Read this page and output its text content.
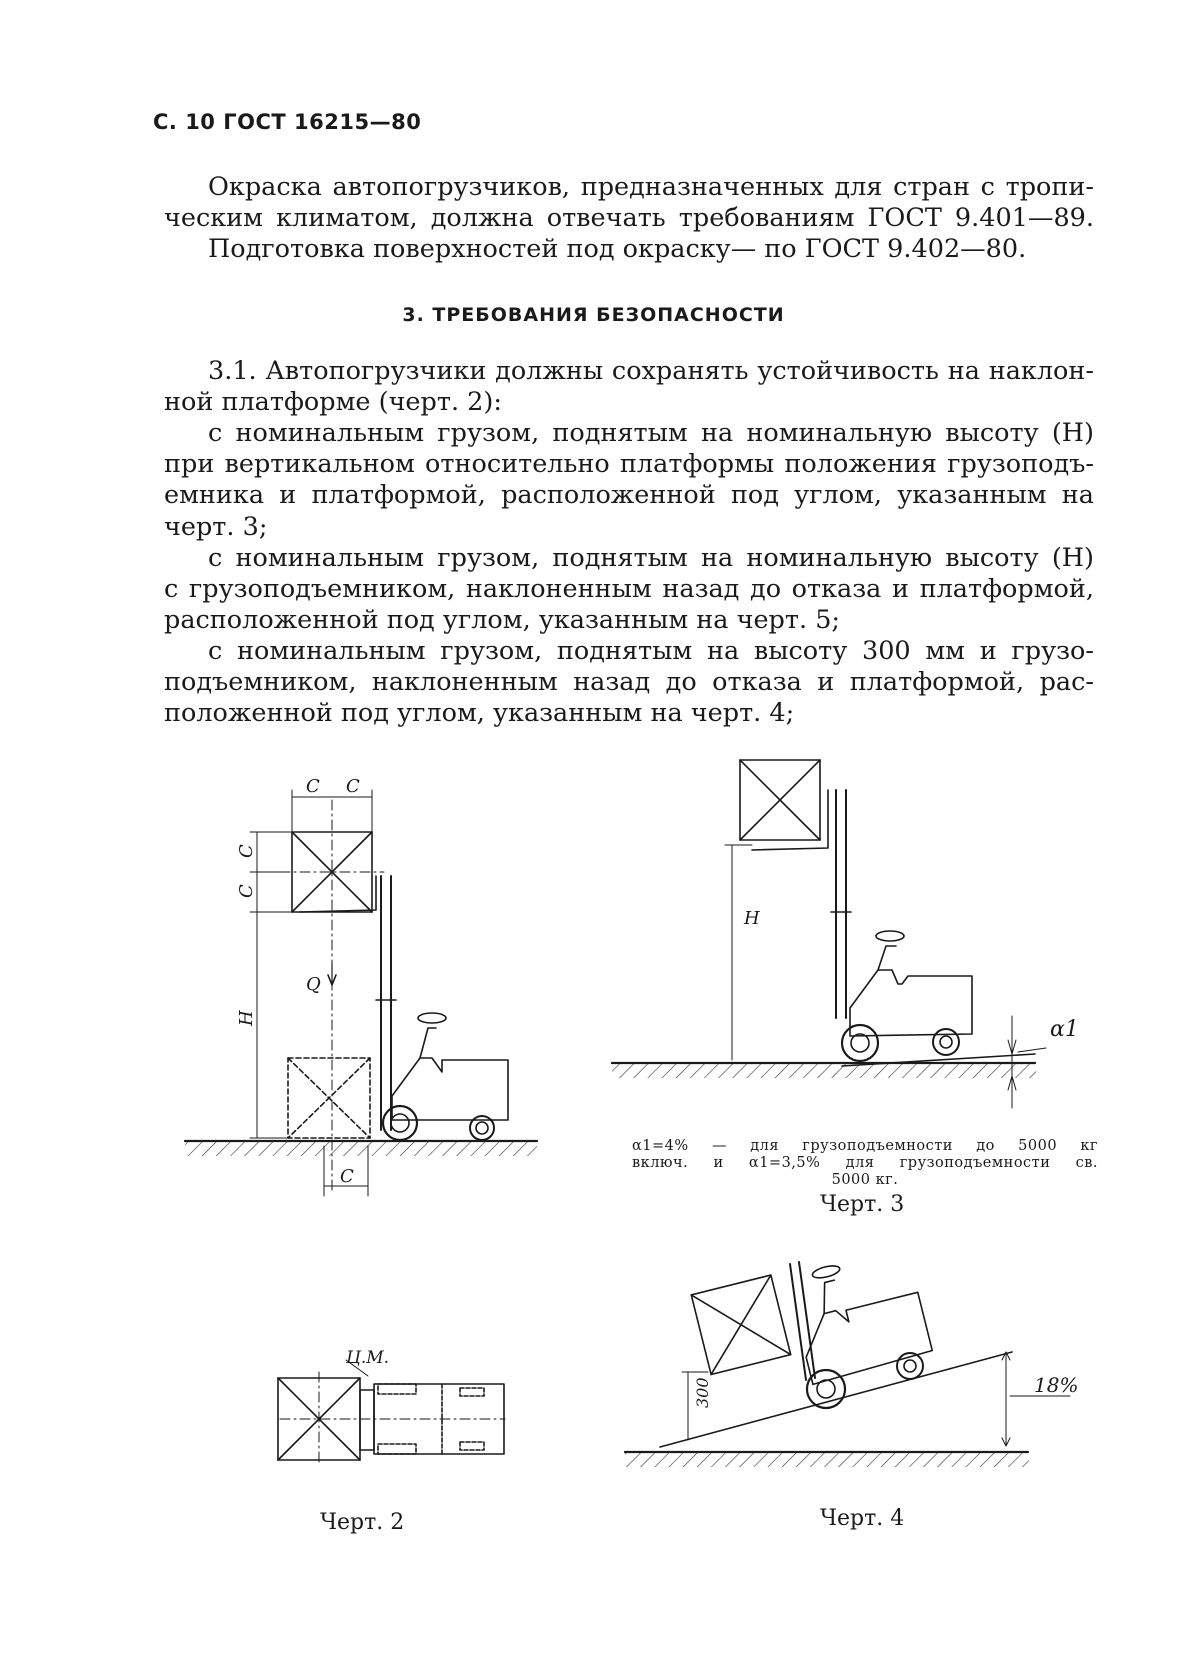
С. 10 ГОСТ 16215—80
Окраска автопогрузчиков, предназначенных для стран с тропи-
ческим климатом, должна отвечать требованиям ГОСТ 9.401—89.
Подготовка поверхностей под окраску— по ГОСТ 9.402—80.
3. ТРЕБОВАНИЯ БЕЗОПАСНОСТИ
3.1. Автопогрузчики должны сохранять устойчивость на наклон-
ной платформе (черт. 2):
с номинальным грузом, поднятым на номинальную высоту (H)
при вертикальном относительно платформы положения грузоподъ-
емника и платформой, расположенной под углом, указанным на
черт. 3;
с номинальным грузом, поднятым на номинальную высоту (H)
с грузоподъемником, наклоненным назад до отказа и платформой,
расположенной под углом, указанным на черт. 5;
с номинальным грузом, поднятым на высоту 300 мм и грузо-
подъемником, наклоненным назад до отказа и платформой, рас-
положенной под углом, указанным на черт. 4;
C C
C
C
H
Q
C
Ц.М.
H
α1
300	18%
α1=4% — для грузоподъемности до 5000 кг
включ. и α1=3,5% для грузоподъемности св.
5000 кг.
Черт. 3
Черт. 2	Черт. 4
